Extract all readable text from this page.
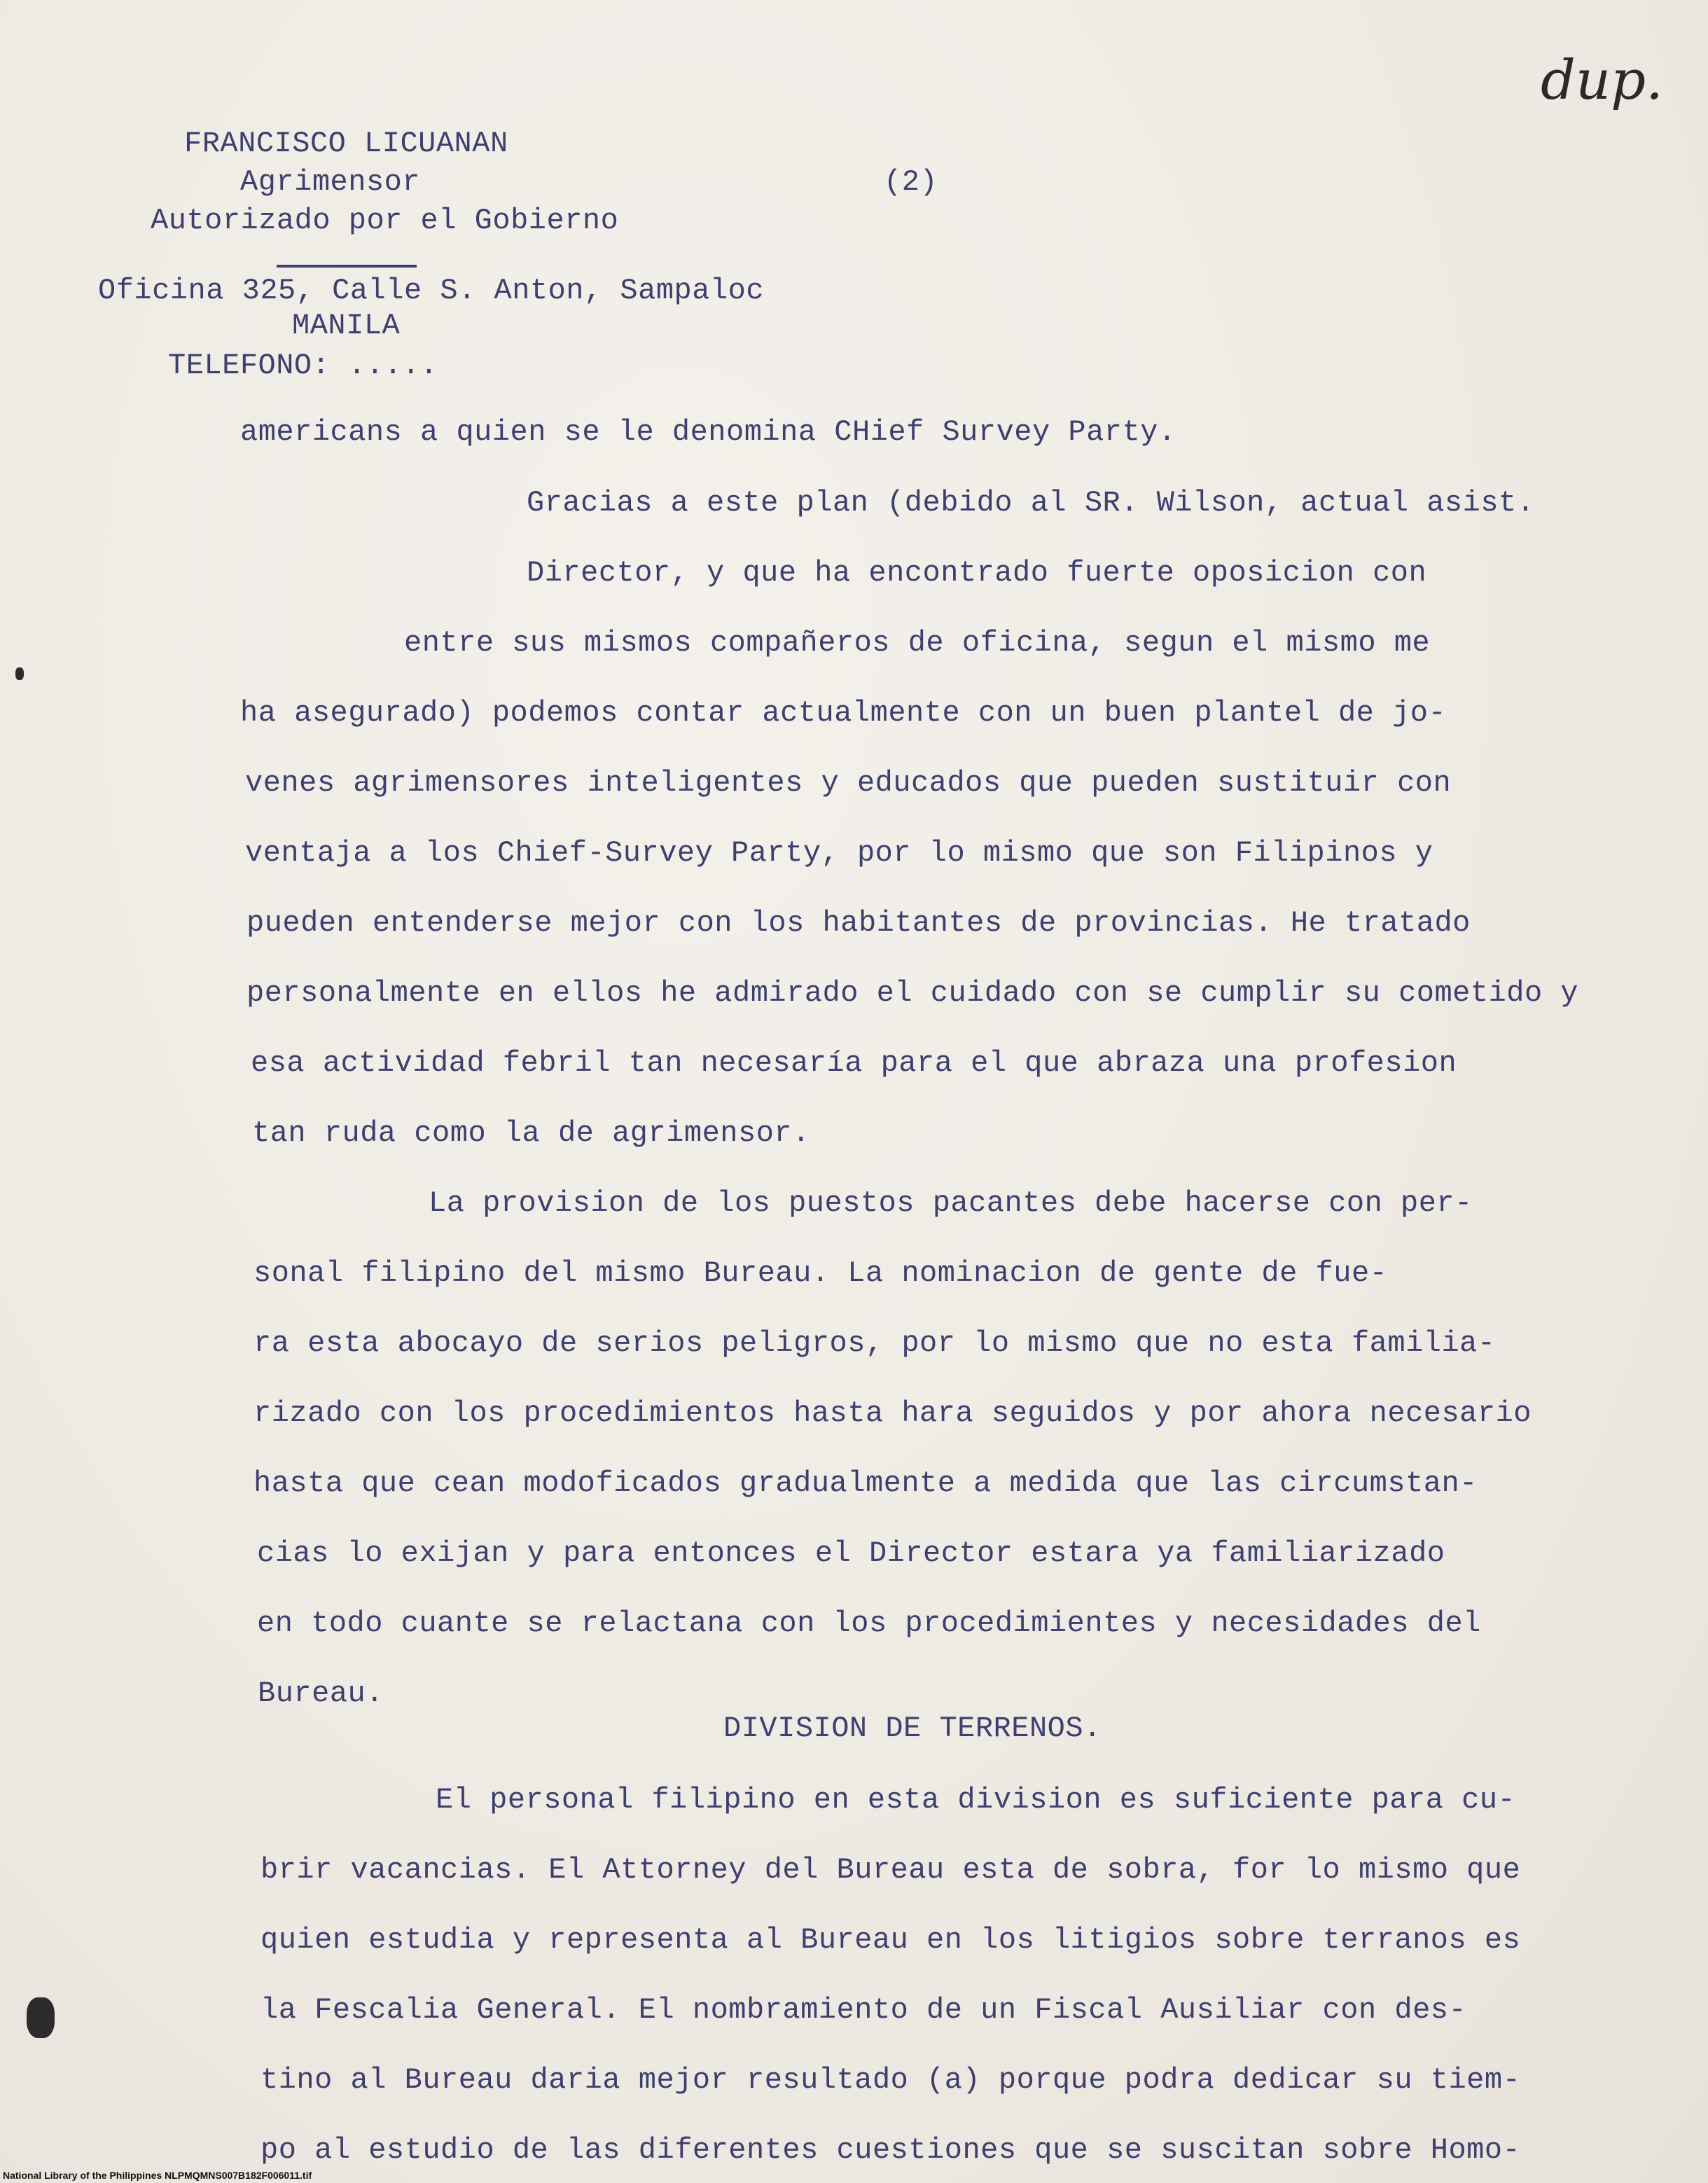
dup.
FRANCISCO LICUANAN
Agrimensor	(2)
Autorizado por el Gobierno
Oficina 325, Calle S. Anton, Sampaloc
MANILA
TELEFONO: .....
americans a quien se le denomina CHief Survey Party.
Gracias a este plan (debido al SR. Wilson, actual asist.
Director, y que ha encontrado fuerte oposicion con
entre sus mismos compañeros de oficina, segun el mismo me
ha asegurado) podemos contar actualmente con un buen plantel de jo-
venes agrimensores inteligentes y educados que pueden sustituir con
ventaja a los Chief-Survey Party, por lo mismo que son Filipinos y
pueden entenderse mejor con los habitantes de provincias. He tratado
personalmente en ellos he admirado el cuidado con se cumplir su cometido y
esa actividad febril tan necesaría para el que abraza una profesion
tan ruda como la de agrimensor.
La provision de los puestos pacantes debe hacerse con per-
sonal filipino del mismo Bureau. La nominacion de gente de fue-
ra esta abocayo de serios peligros, por lo mismo que no esta familia-
rizado con los procedimientos hasta hara seguidos y por ahora necesario
hasta que cean modoficados gradualmente a medida que las circumstan-
cias lo exijan y para entonces el Director estara ya familiarizado
en todo cuante se relactana con los procedimientes y necesidades del
Bureau.
DIVISION DE TERRENOS.
El personal filipino en esta division es suficiente para cu-
brir vacancias. El Attorney del Bureau esta de sobra, for lo mismo que
quien estudia y representa al Bureau en los litigios sobre terranos es
la Fescalia General. El nombramiento de un Fiscal Ausiliar con des-
tino al Bureau daria mejor resultado (a) porque podra dedicar su tiem-
po al estudio de las diferentes cuestiones que se suscitan sobre Homo-
National Library of the Philippines NLPMQMNS007B182F006011.tif
